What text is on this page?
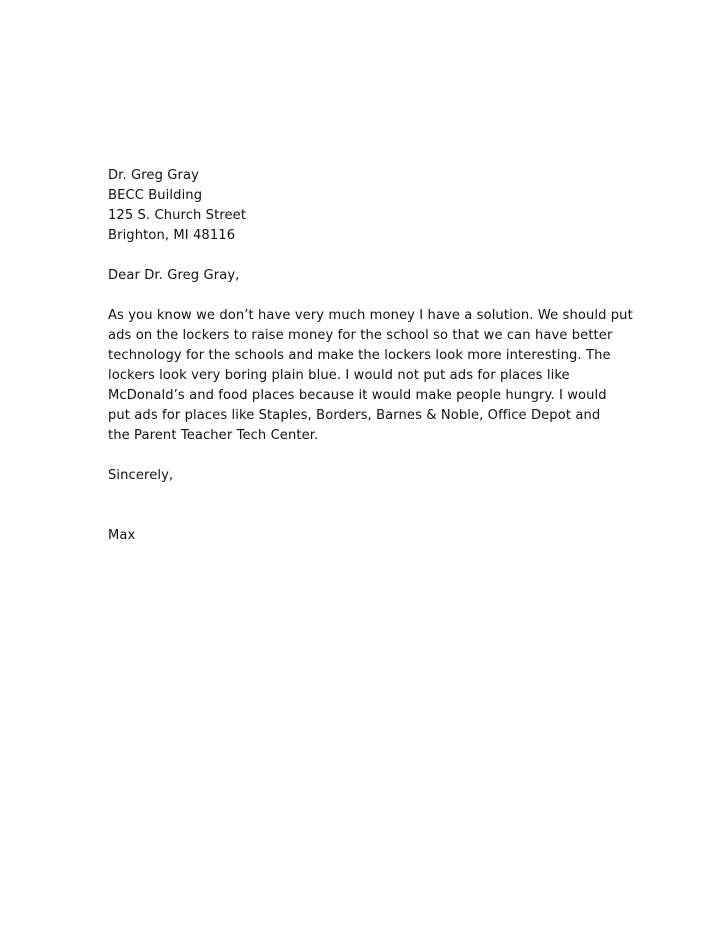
Dr. Greg Gray
BECC Building
125 S. Church Street
Brighton, MI 48116
Dear Dr. Greg Gray,
As you know we don’t have very much money I have a solution. We should put
ads on the lockers to raise money for the school so that we can have better
technology for the schools and make the lockers look more interesting. The
lockers look very boring plain blue. I would not put ads for places like
McDonald’s and food places because it would make people hungry. I would
put ads for places like Staples, Borders, Barnes & Noble, Office Depot and
the Parent Teacher Tech Center.
Sincerely,
Max
